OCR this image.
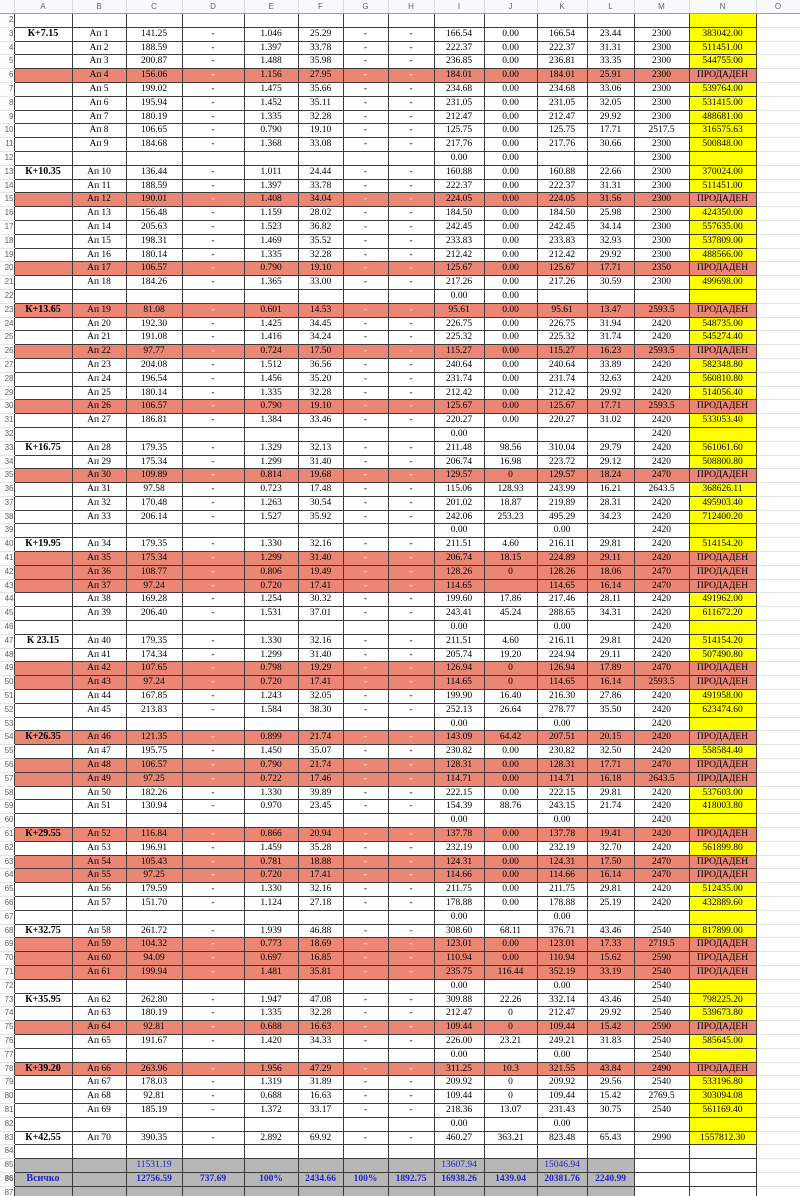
	A	B	C	D	E	F	G	H	I	J	K	L	M	N	O
2															
3	К+7.15	Ап 1	141.25	-	1.046	25.29	-	-	166.54	0.00	166.54	23.44	2300	383042.00	
4		Ап 2	188.59	-	1.397	33.78	-	-	222.37	0.00	222.37	31.31	2300	511451.00	
5		Ап 3	200.87	-	1.488	35.98	-	-	236.85	0.00	236.81	33.35	2300	544755.00	
6		Ап 4	156.06	-	1.156	27.95	-	-	184.01	0.00	184.01	25.91	2300	ПРОДАДЕН	
7		Ап 5	199.02	-	1.475	35.66	-	-	234.68	0.00	234.68	33.06	2300	539764.00	
8		Ап 6	195.94	-	1.452	35.11	-	-	231.05	0.00	231.05	32.05	2300	531415.00	
9		Ап 7	180.19	-	1.335	32.28	-	-	212.47	0.00	212.47	29.92	2300	488681.00	
10		Ап 8	106.65	-	0.790	19.10	-	-	125.75	0.00	125.75	17.71	2517.5	316575.63	
11		Ап 9	184.68	-	1.368	33.08	-	-	217.76	0.00	217.76	30.66	2300	500848.00	
12									0.00	0.00			2300		
13	К+10.35	Ап 10	136.44	-	1.011	24.44	-	-	160.88	0.00	160.88	22.66	2300	370024.00	
14		Ап 11	188.59	-	1.397	33.78	-	-	222.37	0.00	222.37	31.31	2300	511451.00	
15		Ап 12	190.01	-	1.408	34.04	-	-	224.05	0.00	224.05	31.56	2300	ПРОДАДЕН	
16		Ап 13	156.48	-	1.159	28.02	-	-	184.50	0.00	184.50	25.98	2300	424350.00	
17		Ап 14	205.63	-	1.523	36.82	-	-	242.45	0.00	242.45	34.14	2300	557635.00	
18		Ап 15	198.31	-	1.469	35.52	-	-	233.83	0.00	233.83	32.93	2300	537809.00	
19		Ап 16	180.14	-	1.335	32.28	-	-	212.42	0.00	212.42	29.92	2300	488566.00	
20		Ап 17	106.57	-	0.790	19.10	-	-	125.67	0.00	125.67	17.71	2350	ПРОДАДЕН	
21		Ап 18	184.26	-	1.365	33.00	-	-	217.26	0.00	217.26	30.59	2300	499698.00	
22									0.00	0.00					
23	К+13.65	Ап 19	81.08	-	0.601	14.53	-	-	95.61	0.00	95.61	13.47	2593.5	ПРОДАДЕН	
24		Ап 20	192.30	-	1.425	34.45	-	-	226.75	0.00	226.75	31.94	2420	548735.00	
25		Ап 21	191.08	-	1.416	34.24	-	-	225.32	0.00	225.32	31.74	2420	545274.40	
26		Ап 22	97.77	-	0.724	17.50	-	-	115.27	0.00	115.27	16.23	2593.5	ПРОДАДЕН	
27		Ап 23	204.08	-	1.512	36.56	-	-	240.64	0.00	240.64	33.89	2420	582348.80	
28		Ап 24	196.54	-	1.456	35.20	-	-	231.74	0.00	231.74	32.63	2420	560810.80	
29		Ап 25	180.14	-	1.335	32.28	-	-	212.42	0.00	212.42	29.92	2420	514056.40	
30		Ап 26	106.57	-	0.790	19.10	-	-	125.67	0.00	125.67	17.71	2593.5	ПРОДАДЕН	
31		Ап 27	186.81	-	1.384	33.46	-	-	220.27	0.00	220.27	31.02	2420	533053.40	
32									0.00				2420		
33	К+16.75	Ап 28	179.35	-	1.329	32.13	-	-	211.48	98.56	310.04	29.79	2420	561061.60	
34		Ап 29	175.34	-	1.299	31.40	-	-	206.74	16.98	223.72	29.12	2420	508800.80	
35		Ап 30	109.89	-	0.814	19.68	-	-	129.57	0	129.57	18.24	2470	ПРОДАДЕН	
36		Ап 31	97.58	-	0.723	17.48	-	-	115.06	128.93	243.99	16.21	2643.5	368626.11	
37		Ап 32	170.48	-	1.263	30.54	-	-	201.02	18.87	219.89	28.31	2420	495903.40	
38		Ап 33	206.14	-	1.527	35.92	-	-	242.06	253.23	495.29	34.23	2420	712400.20	
39									0.00		0.00		2420		
40	К+19.95	Ап 34	179.35	-	1.330	32.16	-	-	211.51	4.60	216.11	29.81	2420	514154.20	
41		Ап 35	175.34	-	1.299	31.40	-	-	206.74	18.15	224.89	29.11	2420	ПРОДАДЕН	
42		Ап 36	108.77	-	0.806	19.49	-	-	128.26	0	128.26	18.06	2470	ПРОДАДЕН	
43		Ап 37	97.24	-	0.720	17.41	-	-	114.65		114.65	16.14	2470	ПРОДАДЕН	
44		Ап 38	169.28	-	1.254	30.32	-	-	199.60	17.86	217.46	28.11	2420	491962.00	
45		Ап 39	206.40	-	1.531	37.01	-	-	243.41	45.24	288.65	34.31	2420	611672.20	
46									0.00		0.00		2420		
47	К 23.15	Ап 40	179.35	-	1.330	32.16	-	-	211.51	4.60	216.11	29.81	2420	514154.20	
48		Ап 41	174.34	-	1.299	31.40	-	-	205.74	19.20	224.94	29.11	2420	507490.80	
49		Ап 42	107.65	-	0.798	19.29	-	-	126.94	0	126.94	17.89	2470	ПРОДАДЕН	
50		Ап 43	97.24	-	0.720	17.41	-	-	114.65	0	114.65	16.14	2593.5	ПРОДАДЕН	
51		Ап 44	167.85	-	1.243	32.05	-	-	199.90	16.40	216.30	27.86	2420	491958.00	
52		Ап 45	213.83	-	1.584	38.30	-	-	252.13	26.64	278.77	35.50	2420	623474.60	
53									0.00		0.00		2420		
54	К+26.35	Ап 46	121.35	-	0.899	21.74	-	-	143.09	64.42	207.51	20.15	2420	ПРОДАДЕН	
55		Ап 47	195.75	-	1.450	35.07	-	-	230.82	0.00	230.82	32.50	2420	558584.40	
56		Ап 48	106.57	-	0.790	21.74	-	-	128.31	0.00	128.31	17.71	2470	ПРОДАДЕН	
57		Ап 49	97.25	-	0.722	17.46	-	-	114.71	0.00	114.71	16.18	2643.5	ПРОДАДЕН	
58		Ап 50	182.26	-	1.330	39.89	-	-	222.15	0.00	222.15	29.81	2420	537603.00	
59		Ап 51	130.94	-	0.970	23.45	-	-	154.39	88.76	243.15	21.74	2420	418003.80	
60									0.00		0.00		2420		
61	К+29.55	Ап 52	116.84	-	0.866	20.94	-	-	137.78	0.00	137.78	19.41	2420	ПРОДАДЕН	
62		Ап 53	196.91	-	1.459	35.28	-	-	232.19	0.00	232.19	32.70	2420	561899.80	
63		Ап 54	105.43	-	0.781	18.88	-	-	124.31	0.00	124.31	17.50	2470	ПРОДАДЕН	
64		Ап 55	97.25	-	0.720	17.41	-	-	114.66	0.00	114.66	16.14	2470	ПРОДАДЕН	
65		Ап 56	179.59	-	1.330	32.16	-	-	211.75	0.00	211.75	29.81	2420	512435.00	
66		Ап 57	151.70	-	1.124	27.18	-	-	178.88	0.00	178.88	25.19	2420	432889.60	
67									0.00		0.00				
68	К+32.75	Ап 58	261.72	-	1.939	46.88	-	-	308.60	68.11	376.71	43.46	2540	817899.00	
69		Ап 59	104.32	-	0.773	18.69	-	-	123.01	0.00	123.01	17.33	2719.5	ПРОДАДЕН	
70		Ап 60	94.09	-	0.697	16.85	-	-	110.94	0.00	110.94	15.62	2590	ПРОДАДЕН	
71		Ап 61	199.94	-	1.481	35.81	-	-	235.75	116.44	352.19	33.19	2540	ПРОДАДЕН	
72									0.00		0.00		2540		
73	К+35.95	Ап 62	262.80	-	1.947	47.08	-	-	309.88	22.26	332.14	43.46	2540	798225.20	
74		Ап 63	180.19	-	1.335	32.28	-	-	212.47	0	212.47	29.92	2540	539673.80	
75		Ап 64	92.81	-	0.688	16.63	-	-	109.44	0	109.44	15.42	2590	ПРОДАДЕН	
76		Ап 65	191.67	-	1.420	34.33	-	-	226.00	23.21	249.21	31.83	2540	585645.00	
77									0.00		0.00		2540		
78	К+39.20	Ап 66	263.96	-	1.956	47.29	-	-	311.25	10.3	321.55	43.84	2490	ПРОДАДЕН	
79		Ап 67	178.03	-	1.319	31.89	-	-	209.92	0	209.92	29.56	2540	533196.80	
80		Ап 68	92.81	-	0.688	16.63	-	-	109.44	0	109.44	15.42	2769.5	303094.08	
81		Ап 69	185.19	-	1.372	33.17	-	-	218.36	13.07	231.43	30.75	2540	561169.40	
82									0.00		0.00				
83	К+42.55	Ап 70	390.35	-	2.892	69.92	-	-	460.27	363.21	823.48	65.43	2990	1557812.30	
84															
85			11531.19						13607.94		15046.94				
86	Всичко		12756.59	737.69	100%	2434.66	100%	1892.75	16938.26	1439.04	20381.76	2240.99			
87															
